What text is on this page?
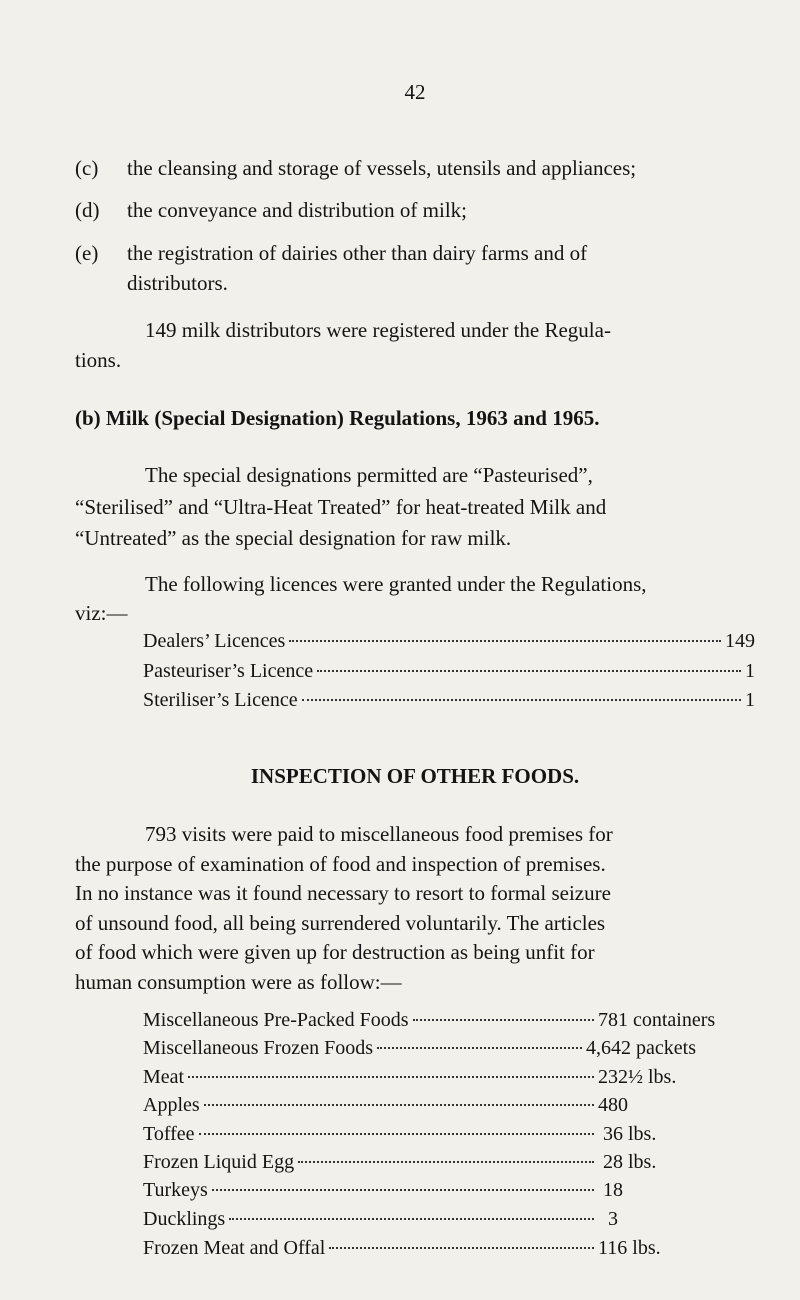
42
(c) the cleansing and storage of vessels, utensils and appliances;
(d) the conveyance and distribution of milk;
(e) the registration of dairies other than dairy farms and of
distributors.
149 milk distributors were registered under the Regula-
tions.
(b) Milk (Special Designation) Regulations, 1963 and 1965.
The special designations permitted are “Pasteurised”,
“Sterilised” and “Ultra-Heat Treated” for heat-treated Milk and
“Untreated” as the special designation for raw milk.
The following licences were granted under the Regulations,
viz:—
Dealers’ Licences	149
Pasteuriser’s Licence	1
Steriliser’s Licence	1
INSPECTION OF OTHER FOODS.
793 visits were paid to miscellaneous food premises for
the purpose of examination of food and inspection of premises.
In no instance was it found necessary to resort to formal seizure
of unsound food, all being surrendered voluntarily. The articles
of food which were given up for destruction as being unfit for
human consumption were as follow:—
Miscellaneous Pre-Packed Foods	781 containers
Miscellaneous Frozen Foods	4,642 packets
Meat	232½ lbs.
Apples	480
Toffee	36 lbs.
Frozen Liquid Egg	28 lbs.
Turkeys	18
Ducklings	3
Frozen Meat and Offal	116 lbs.
